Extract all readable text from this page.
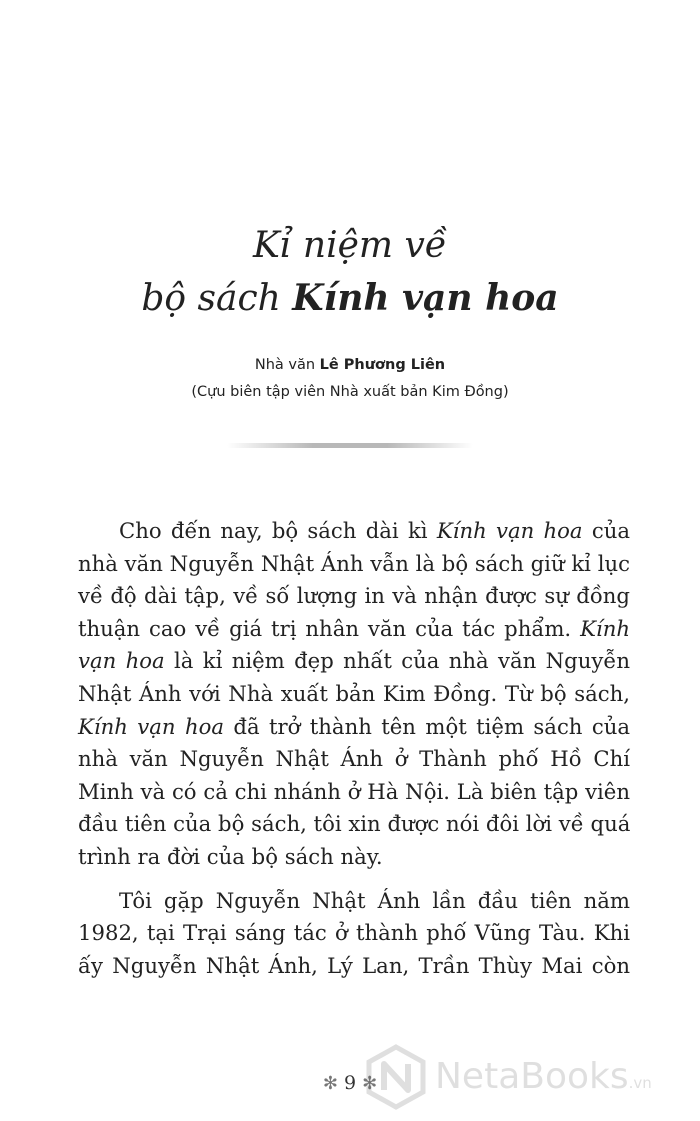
Kỉ niệm về
bộ sách Kính vạn hoa
Nhà văn Lê Phương Liên
(Cựu biên tập viên Nhà xuất bản Kim Đồng)
Cho đến nay, bộ sách dài kì Kính vạn hoa của
nhà văn Nguyễn Nhật Ánh vẫn là bộ sách giữ kỉ lục
về độ dài tập, về số lượng in và nhận được sự đồng
thuận cao về giá trị nhân văn của tác phẩm. Kính
vạn hoa là kỉ niệm đẹp nhất của nhà văn Nguyễn
Nhật Ánh với Nhà xuất bản Kim Đồng. Từ bộ sách,
Kính vạn hoa đã trở thành tên một tiệm sách của
nhà văn Nguyễn Nhật Ánh ở Thành phố Hồ Chí
Minh và có cả chi nhánh ở Hà Nội. Là biên tập viên
đầu tiên của bộ sách, tôi xin được nói đôi lời về quá
trình ra đời của bộ sách này.
Tôi gặp Nguyễn Nhật Ánh lần đầu tiên năm
1982, tại Trại sáng tác ở thành phố Vũng Tàu. Khi
ấy Nguyễn Nhật Ánh, Lý Lan, Trần Thùy Mai còn
✻ 9 ✻	NetaBooks.vn
